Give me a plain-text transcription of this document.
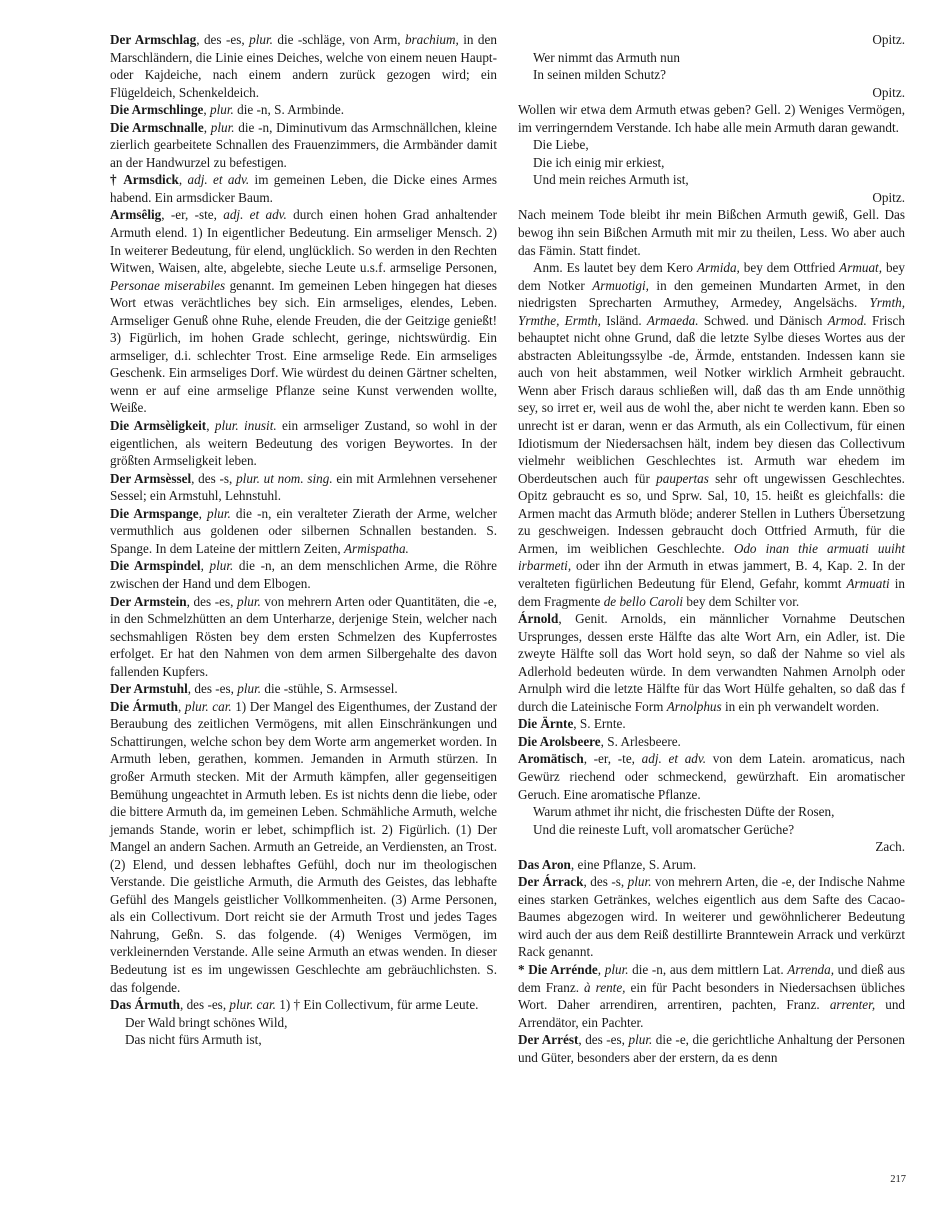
Der Armschlag, des -es, plur. die -schläge, von Arm, brachium, in den Marschländern, die Linie eines Deiches, welche von einem neuen Haupt- oder Kajdeiche, nach einem andern zurück gezogen wird; ein Flügeldeich, Schenkeldeich.

Die Armschlinge, plur. die -n, S. Armbinde.

Die Armschnalle, plur. die -n, Diminutivum das Armschnällchen, kleine zierlich gearbeitete Schnallen des Frauenzimmers, die Armbänder damit an der Handwurzel zu befestigen.

† Armsdick, adj. et adv. im gemeinen Leben, die Dicke eines Armes habend. Ein armsdicker Baum.

Armsêlig, -er, -ste, adj. et adv. durch einen hohen Grad anhaltender Armuth elend. 1) In eigentlicher Bedeutung. Ein armseliger Mensch. 2) In weiterer Bedeutung, für elend, unglücklich. So werden in den Rechten Witwen, Waisen, alte, abgelebte, sieche Leute u.s.f. armselige Personen, Personae miserabiles genannt. Im gemeinen Leben hingegen hat dieses Wort etwas verächtliches bey sich. Ein armseliges, elendes, Leben. Armseliger Genuß ohne Ruhe, elende Freuden, die der Geitzige genießt! 3) Figürlich, im hohen Grade schlecht, geringe, nichtswürdig. Ein armseliger, d.i. schlechter Trost. Eine armselige Rede. Ein armseliges Geschenk. Ein armseliges Dorf. Wie würdest du deinen Gärtner schelten, wenn er auf eine armselige Pflanze seine Kunst verwenden wollte, Weiße.

Die Armsèligkeit, plur. inusit. ein armseliger Zustand, so wohl in der eigentlichen, als weitern Bedeutung des vorigen Beywortes. In der größten Armseligkeit leben.

Der Armsèssel, des -s, plur. ut nom. sing. ein mit Armlehnen versehener Sessel; ein Armstuhl, Lehnstuhl.

Die Armspange, plur. die -n, ein veralteter Zierath der Arme, welcher vermuthlich aus goldenen oder silbernen Schnallen bestanden. S. Spange. In dem Lateine der mittlern Zeiten, Armispatha.

Die Armspindel, plur. die -n, an dem menschlichen Arme, die Röhre zwischen der Hand und dem Elbogen.

Der Armstein, des -es, plur. von mehrern Arten oder Quantitäten, die -e, in den Schmelzhütten an dem Unterharze, derjenige Stein, welcher nach sechsmahligen Rösten bey dem ersten Schmelzen des Kupferrostes erfolget. Er hat den Nahmen von dem armen Silbergehalte des davon fallenden Kupfers.

Der Armstuhl, des -es, plur. die -stühle, S. Armsessel.

Die Ármuth, plur. car. 1) Der Mangel des Eigenthumes, der Zustand der Beraubung des zeitlichen Vermögens, mit allen Einschränkungen und Schattirungen, welche schon bey dem Worte arm angemerket worden. In Armuth leben, gerathen, kommen. Jemanden in Armuth stürzen. In großer Armuth stecken. Mit der Armuth kämpfen, aller gegenseitigen Bemühung ungeachtet in Armuth leben. Es ist nichts denn die liebe, oder die bittere Armuth da, im gemeinen Leben. Schmähliche Armuth, welche jemands Stande, worin er lebet, schimpflich ist. 2) Figürlich. (1) Der Mangel an andern Sachen. Armuth an Getreide, an Verdiensten, an Trost. (2) Elend, und dessen lebhaftes Gefühl, doch nur im theologischen Verstande. Die geistliche Armuth, die Armuth des Geistes, das lebhafte Gefühl des Mangels geistlicher Vollkommenheiten. (3) Arme Personen, als ein Collectivum. Dort reicht sie der Armuth Trost und jedes Tages Nahrung, Geßn. S. das folgende. (4) Weniges Vermögen, im verkleinernden Verstande. Alle seine Armuth an etwas wenden. In dieser Bedeutung ist es im ungewissen Geschlechte am gebräuchlichsten. S. das folgende.

Das Ármuth, des -es, plur. car. 1) † Ein Collectivum, für arme Leute.

Der Wald bringt schönes Wild,

Das nicht fürs Armuth ist,

Opitz.

Wer nimmt das Armuth nun

In seinen milden Schutz?

Opitz.

Wollen wir etwa dem Armuth etwas geben? Gell. 2) Weniges Vermögen, im verringerndem Verstande. Ich habe alle mein Armuth daran gewandt.

Die Liebe,

Die ich einig mir erkiest,

Und mein reiches Armuth ist,

Opitz.

Nach meinem Tode bleibt ihr mein Bißchen Armuth gewiß, Gell. Das bewog ihn sein Bißchen Armuth mit mir zu theilen, Less. Wo aber auch das Fämin. Statt findet.

Anm. Es lautet bey dem Kero Armida, bey dem Ottfried Armuat, bey dem Notker Armuotigi, in den gemeinen Mundarten Armet, in den niedrigsten Sprecharten Armuthey, Armedey, Angelsächs. Yrmth, Yrmthe, Ermth, Isländ. Armaeda. Schwed. und Dänisch Armod. Frisch behauptet nicht ohne Grund, daß die letzte Sylbe dieses Wortes aus der abstracten Ableitungssylbe -de, Ärmde, entstanden. Indessen kann sie auch von heit abstammen, weil Notker wirklich Armheit gebraucht. Wenn aber Frisch daraus schließen will, daß das th am Ende unnöthig sey, so irret er, weil aus de wohl the, aber nicht te werden kann. Eben so unrecht ist er daran, wenn er das Armuth, als ein Collectivum, für einen Idiotismum der Niedersachsen hält, indem bey diesen das Collectivum vielmehr weiblichen Geschlechtes ist. Armuth war ehedem im Oberdeutschen auch für paupertas sehr oft ungewissen Geschlechtes. Opitz gebraucht es so, und Sprw. Sal, 10, 15. heißt es gleichfalls: die Armen macht das Armuth blöde; anderer Stellen in Luthers Übersetzung zu geschweigen. Indessen gebraucht doch Ottfried Armuth, für die Armen, im weiblichen Geschlechte. Odo inan thie armuati uuiht irbarmeti, oder ihn der Armuth in etwas jammert, B. 4, Kap. 2. In der veralteten figürlichen Bedeutung für Elend, Gefahr, kommt Armuati in dem Fragmente de bello Caroli bey dem Schilter vor.

Árnold, Genit. Arnolds, ein männlicher Vornahme Deutschen Ursprunges, dessen erste Hälfte das alte Wort Arn, ein Adler, ist. Die zweyte Hälfte soll das Wort hold seyn, so daß der Nahme so viel als Adlerhold bedeuten würde. In dem verwandten Nahmen Arnolph oder Arnulph wird die letzte Hälfte für das Wort Hülfe gehalten, so daß das f durch die Lateinische Form Arnolphus in ein ph verwandelt worden.

Die Ärnte, S. Ernte.

Die Arolsbeere, S. Arlesbeere.

Aromätisch, -er, -te, adj. et adv. von dem Latein. aromaticus, nach Gewürz riechend oder schmeckend, gewürzhaft. Ein aromatischer Geruch. Eine aromatische Pflanze.

Warum athmet ihr nicht, die frischesten Düfte der Rosen,

Und die reineste Luft, voll aromatscher Gerüche?

Zach.

Das Aron, eine Pflanze, S. Arum.

Der Árrack, des -s, plur. von mehrern Arten, die -e, der Indische Nahme eines starken Getränkes, welches eigentlich aus dem Safte des Cacao-Baumes abgezogen wird. In weiterer und gewöhnlicherer Bedeutung wird auch der aus dem Reiß destillirte Branntewein Arrack und verkürzt Rack genannt.

* Die Arrénde, plur. die -n, aus dem mittlern Lat. Arrenda, und dieß aus dem Franz. à rente, ein für Pacht besonders in Niedersachsen übliches Wort. Daher arrendiren, arrentiren, pachten, Franz. arrenter, und Arrendätor, ein Pachter.

Der Arrést, des -es, plur. die -e, die gerichtliche Anhaltung der Personen und Güter, besonders aber der erstern, da es denn

217
